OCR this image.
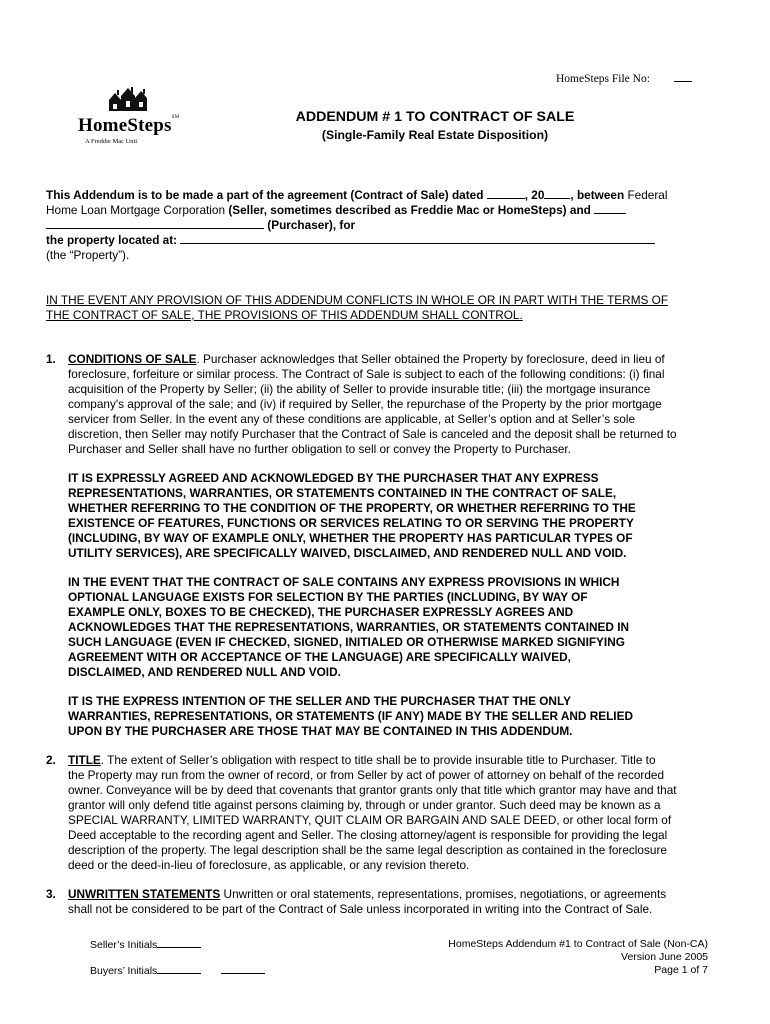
HomeSteps File No:
HomeSteps℠
A Freddie Mac Unit
ADDENDUM # 1 TO CONTRACT OF SALE
(Single-Family Real Estate Disposition)
This Addendum is to be made a part of the agreement (Contract of Sale) dated	, 20 , between Federal
Home Loan Mortgage Corporation (Seller, sometimes described as Freddie Mac or HomeSteps) and
(Purchaser), for
the property located at:
(the “Property”).
IN THE EVENT ANY PROVISION OF THIS ADDENDUM CONFLICTS IN WHOLE OR IN PART WITH THE TERMS OF
THE CONTRACT OF SALE, THE PROVISIONS OF THIS ADDENDUM SHALL CONTROL.
1. CONDITIONS OF SALE. Purchaser acknowledges that Seller obtained the Property by foreclosure, deed in lieu of
foreclosure, forfeiture or similar process. The Contract of Sale is subject to each of the following conditions: (i) final
acquisition of the Property by Seller; (ii) the ability of Seller to provide insurable title; (iii) the mortgage insurance
company's approval of the sale; and (iv) if required by Seller, the repurchase of the Property by the prior mortgage
servicer from Seller. In the event any of these conditions are applicable, at Seller’s option and at Seller’s sole
discretion, then Seller may notify Purchaser that the Contract of Sale is canceled and the deposit shall be returned to
Purchaser and Seller shall have no further obligation to sell or convey the Property to Purchaser.
IT IS EXPRESSLY AGREED AND ACKNOWLEDGED BY THE PURCHASER THAT ANY EXPRESS
REPRESENTATIONS, WARRANTIES, OR STATEMENTS CONTAINED IN THE CONTRACT OF SALE,
WHETHER REFERRING TO THE CONDITION OF THE PROPERTY, OR WHETHER REFERRING TO THE
EXISTENCE OF FEATURES, FUNCTIONS OR SERVICES RELATING TO OR SERVING THE PROPERTY
(INCLUDING, BY WAY OF EXAMPLE ONLY, WHETHER THE PROPERTY HAS PARTICULAR TYPES OF
UTILITY SERVICES), ARE SPECIFICALLY WAIVED, DISCLAIMED, AND RENDERED NULL AND VOID.
IN THE EVENT THAT THE CONTRACT OF SALE CONTAINS ANY EXPRESS PROVISIONS IN WHICH
OPTIONAL LANGUAGE EXISTS FOR SELECTION BY THE PARTIES (INCLUDING, BY WAY OF
EXAMPLE ONLY, BOXES TO BE CHECKED), THE PURCHASER EXPRESSLY AGREES AND
ACKNOWLEDGES THAT THE REPRESENTATIONS, WARRANTIES, OR STATEMENTS CONTAINED IN
SUCH LANGUAGE (EVEN IF CHECKED, SIGNED, INITIALED OR OTHERWISE MARKED SIGNIFYING
AGREEMENT WITH OR ACCEPTANCE OF THE LANGUAGE) ARE SPECIFICALLY WAIVED,
DISCLAIMED, AND RENDERED NULL AND VOID.
IT IS THE EXPRESS INTENTION OF THE SELLER AND THE PURCHASER THAT THE ONLY
WARRANTIES, REPRESENTATIONS, OR STATEMENTS (IF ANY) MADE BY THE SELLER AND RELIED
UPON BY THE PURCHASER ARE THOSE THAT MAY BE CONTAINED IN THIS ADDENDUM.
2. TITLE. The extent of Seller’s obligation with respect to title shall be to provide insurable title to Purchaser. Title to
the Property may run from the owner of record, or from Seller by act of power of attorney on behalf of the recorded
owner. Conveyance will be by deed that covenants that grantor grants only that title which grantor may have and that
grantor will only defend title against persons claiming by, through or under grantor. Such deed may be known as a
SPECIAL WARRANTY, LIMITED WARRANTY, QUIT CLAIM OR BARGAIN AND SALE DEED, or other local form of
Deed acceptable to the recording agent and Seller. The closing attorney/agent is responsible for providing the legal
description of the property. The legal description shall be the same legal description as contained in the foreclosure
deed or the deed-in-lieu of foreclosure, as applicable, or any revision thereto.
3. UNWRITTEN STATEMENTS Unwritten or oral statements, representations, promises, negotiations, or agreements
shall not be considered to be part of the Contract of Sale unless incorporated in writing into the Contract of Sale.
Seller’s Initials
Buyers’ Initials
HomeSteps Addendum #1 to Contract of Sale (Non-CA)
Version June 2005
Page 1 of 7
